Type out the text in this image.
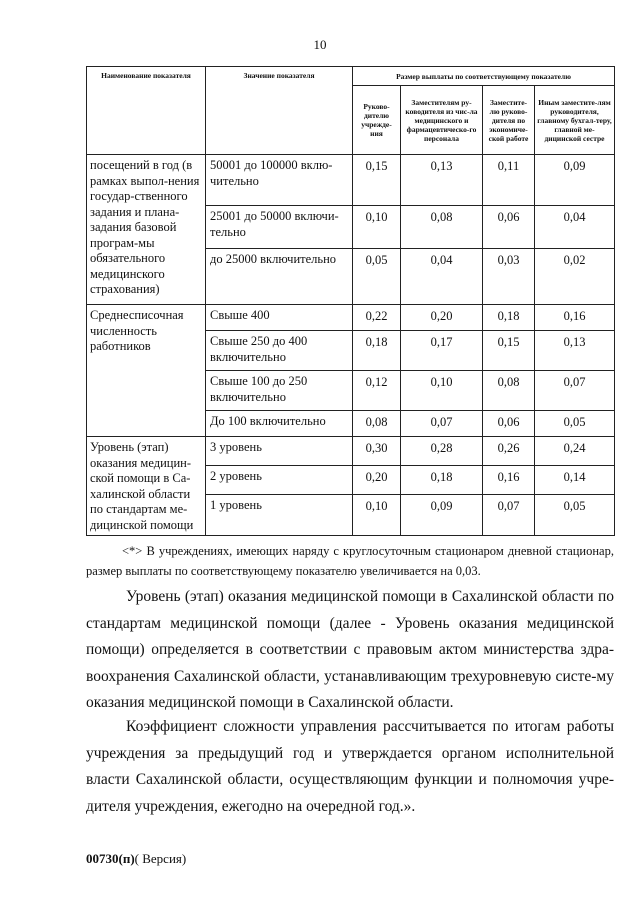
10
Наименование показателя	Значение показателя	Размер выплаты по соответствующему показателю			
		Руково-дителю учрежде-ния	Заместителям ру-ководителя из чис-ла медицинского и фармацевтическо-го персонала	Заместите-лю руково-дителя по экономиче-ской работе	Иным заместите-лям руководителя, главному бухгал-теру, главной ме-дицинской сестре
посещений в год (в рамках выпол-нения государ-ственного задания и плана-задания базовой програм-мы обязательного медицинского страхования)	50001 до 100000 вклю-чительно	0,15	0,13	0,11	0,09
	25001 до 50000 включи-тельно	0,10	0,08	0,06	0,04
	до 25000 включительно	0,05	0,04	0,03	0,02
Среднесписочная численность работников	Свыше 400	0,22	0,20	0,18	0,16
	Свыше 250 до 400 включительно	0,18	0,17	0,15	0,13
	Свыше 100 до 250 включительно	0,12	0,10	0,08	0,07
	До 100 включительно	0,08	0,07	0,06	0,05
Уровень (этап) оказания медицин-ской помощи в Са-халинской области по стандартам ме-дицинской помощи	3 уровень	0,30	0,28	0,26	0,24
	2 уровень	0,20	0,18	0,16	0,14
	1 уровень	0,10	0,09	0,07	0,05

<*> В учреждениях, имеющих наряду с круглосуточным стационаром дневной стационар, размер выплаты по соответствующему показателю увеличивается на 0,03.

Уровень (этап) оказания медицинской помощи в Сахалинской области по стандартам медицинской помощи (далее - Уровень оказания медицинской помощи) определяется в соответствии с правовым актом министерства здра-воохранения Сахалинской области, устанавливающим трехуровневую систе-му оказания медицинской помощи в Сахалинской области.

Коэффициент сложности управления рассчитывается по итогам работы учреждения за предыдущий год и утверждается органом исполнительной власти Сахалинской области, осуществляющим функции и полномочия учре-дителя учреждения, ежегодно на очередной год.».

00730(п)( Версия)
